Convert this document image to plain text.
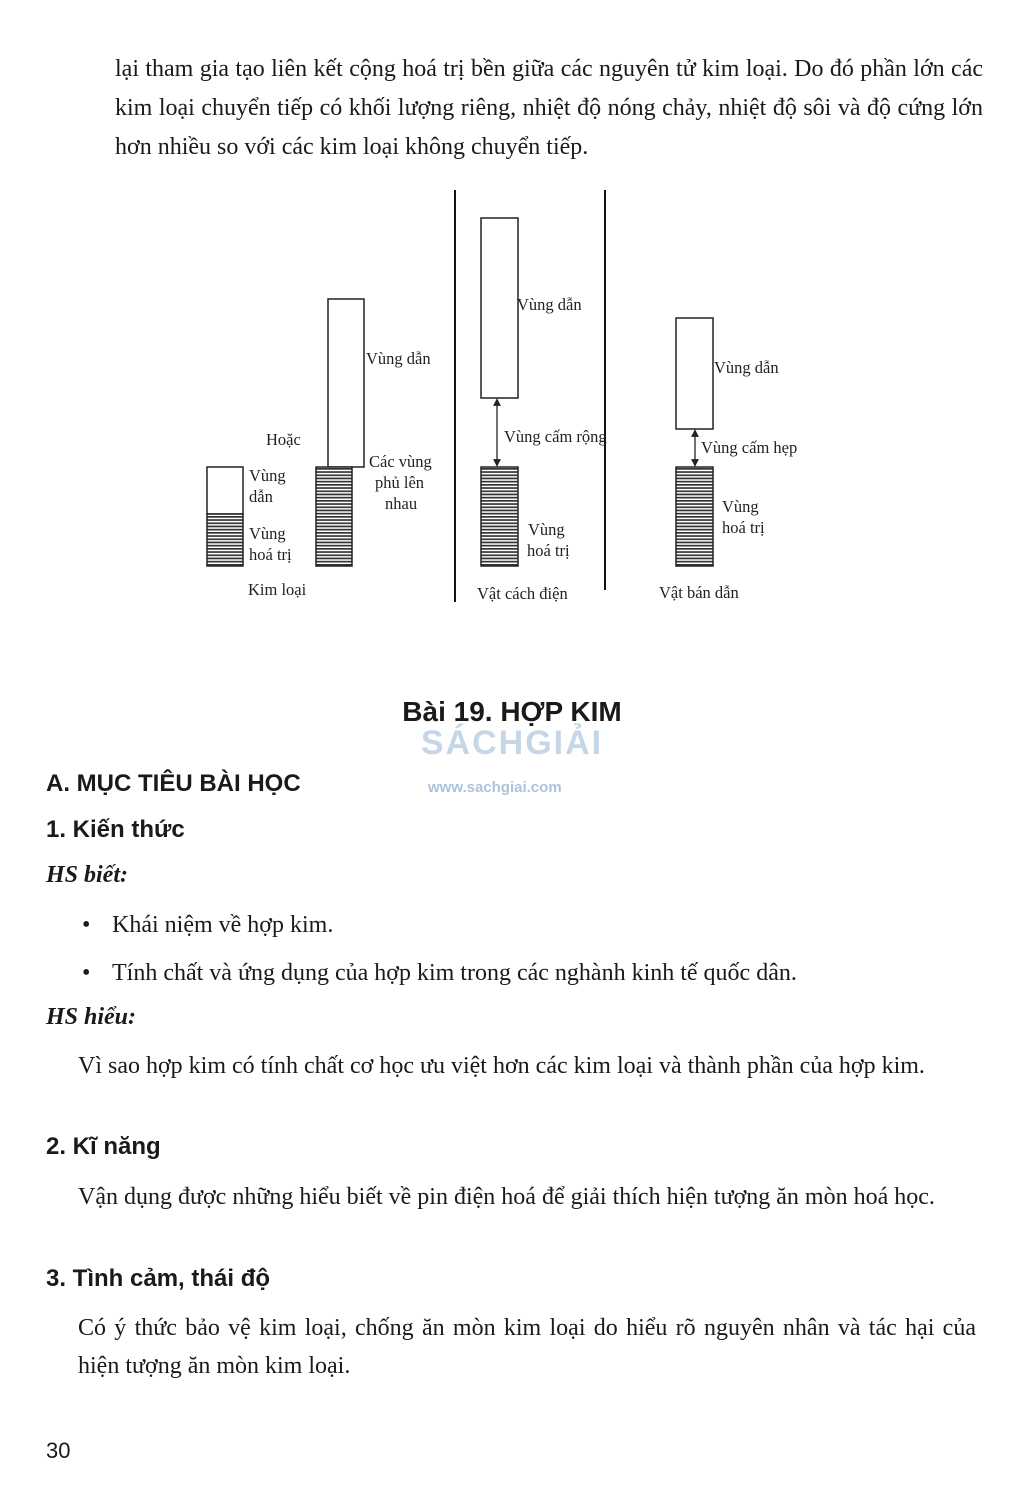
lại tham gia tạo liên kết cộng hoá trị bền giữa các nguyên tử kim loại. Do đó phần lớn các kim loại chuyển tiếp có khối lượng riêng, nhiệt độ nóng chảy, nhiệt độ sôi và độ cứng lớn hơn nhiều so với các kim loại không chuyển tiếp.

Vùng
dẫn
Vùng
hoá trị
Hoặc
Vùng dẫn
Các vùng
phủ lên
nhau
Kim loại
Vùng dẫn
Vùng cấm rộng
Vùng
hoá trị
Vật cách điện
Vùng dẫn
Vùng cấm hẹp
Vùng
hoá trị
Vật bán dẫn
Bài 19. HỢP KIM
SÁCHGIẢI
www.sachgiai.com
A. MỤC TIÊU BÀI HỌC
1. Kiến thức
HS biết:
• Khái niệm về hợp kim.
• Tính chất và ứng dụng của hợp kim trong các nghành kinh tế quốc dân.
HS hiểu:

Vì sao hợp kim có tính chất cơ học ưu việt hơn các kim loại và thành phần của hợp kim.

2. Kĩ năng

Vận dụng được những hiểu biết về pin điện hoá để giải thích hiện tượng ăn mòn hoá học.

3. Tình cảm, thái độ

Có ý thức bảo vệ kim loại, chống ăn mòn kim loại do hiểu rõ nguyên nhân và tác hại của hiện tượng ăn mòn kim loại.

30
